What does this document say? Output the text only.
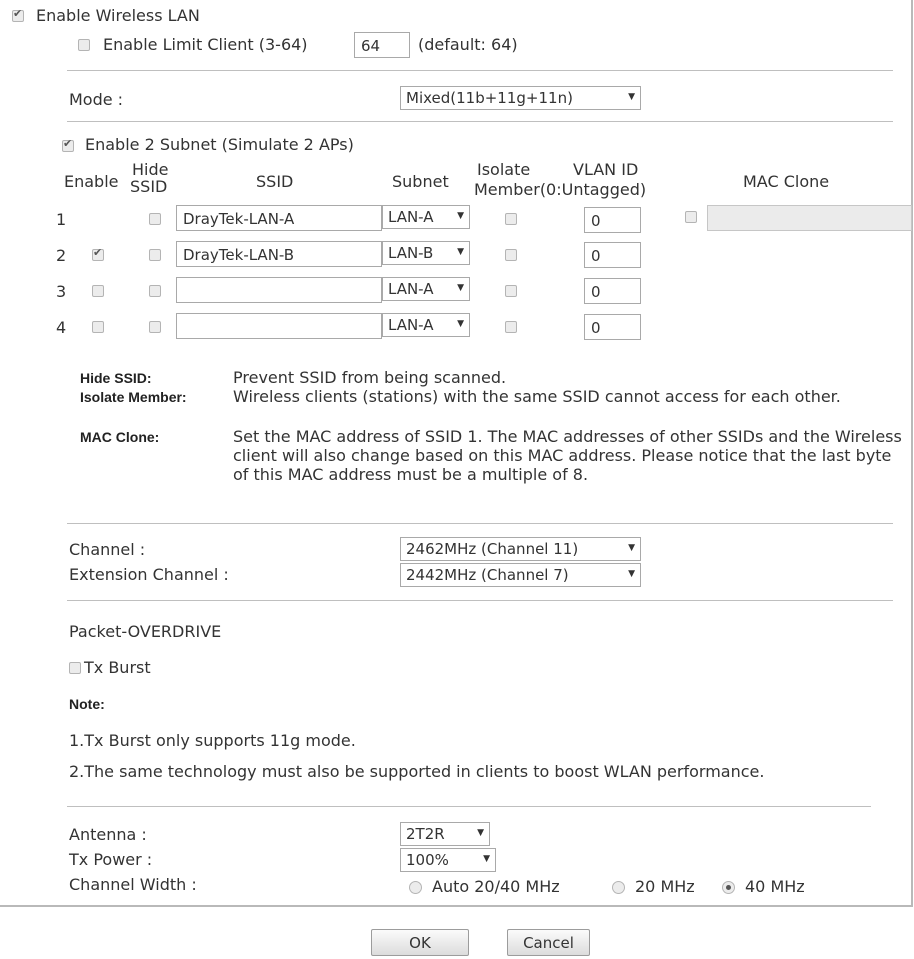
✔
Enable Wireless LAN
Enable Limit Client (3-64)	64	(default: 64)
Mode :	Mixed(11b+11g+11n)	▼
✔
Enable 2 Subnet (Simulate 2 APs)
Enable
Hide
SSID	SSID	Subnet
Isolate	VLAN ID
Member(0:Untagged)	MAC Clone
1	DrayTek-LAN-A	LAN-A	▼	0
2
✔	DrayTek-LAN-B	LAN-B	▼	0
3	LAN-A	▼	0
4	LAN-A	▼	0
Hide SSID:	Prevent SSID from being scanned.
Isolate Member:	Wireless clients (stations) with the same SSID cannot access for each other.
MAC Clone:	Set the MAC address of SSID 1. The MAC addresses of other SSIDs and the Wireless client will also change based on this MAC address. Please notice that the last byte of this MAC address must be a multiple of 8.
Channel :	2462MHz (Channel 11)	▼
Extension Channel :	2442MHz (Channel 7)	▼
Packet-OVERDRIVE
Tx Burst
Note:
1.Tx Burst only supports 11g mode.
2.The same technology must also be supported in clients to boost WLAN performance.
Antenna :	2T2R	▼
Tx Power :	100%	▼
Channel Width :	Auto 20/40 MHz	20 MHz	40 MHz
OK	Cancel
